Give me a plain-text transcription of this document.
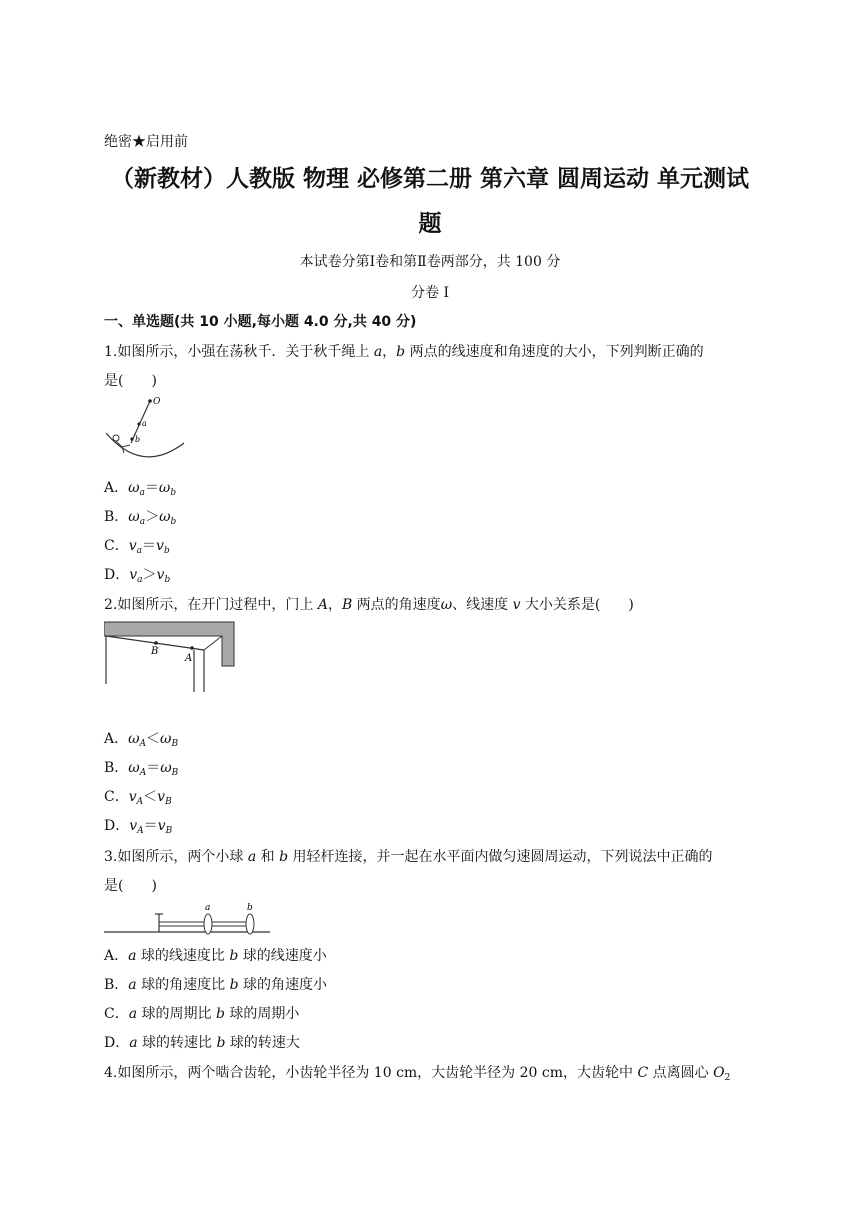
绝密★启用前
（新教材）人教版 物理 必修第二册 第六章 圆周运动 单元测试
题
本试卷分第Ⅰ卷和第Ⅱ卷两部分，共 100 分
分卷 I
一、单选题(共 10 小题,每小题 4.0 分,共 40 分)
1.如图所示，小强在荡秋千．关于秋千绳上 a，b 两点的线速度和角速度的大小，下列判断正确的
是(　　)
O
a
b
A．$\omega_a=\omega_b$
B．$\omega_a>\omega_b$
C．$v_a=v_b$
D．$v_a>v_b$
2.如图所示，在开门过程中，门上 A，B 两点的角速度ω、线速度 v 大小关系是(　　)
B
A
A．$\omega_A<\omega_B$
B．$\omega_A=\omega_B$
C．$v_A<v_B$
D．$v_A=v_B$
3.如图所示，两个小球 a 和 b 用轻杆连接，并一起在水平面内做匀速圆周运动，下列说法中正确的
是(　　)
a	b
A．a 球的线速度比 b 球的线速度小
B．a 球的角速度比 b 球的角速度小
C．a 球的周期比 b 球的周期小
D．a 球的转速比 b 球的转速大
4.如图所示，两个啮合齿轮，小齿轮半径为 10 cm，大齿轮半径为 20 cm，大齿轮中 C 点离圆心 $O_2$
